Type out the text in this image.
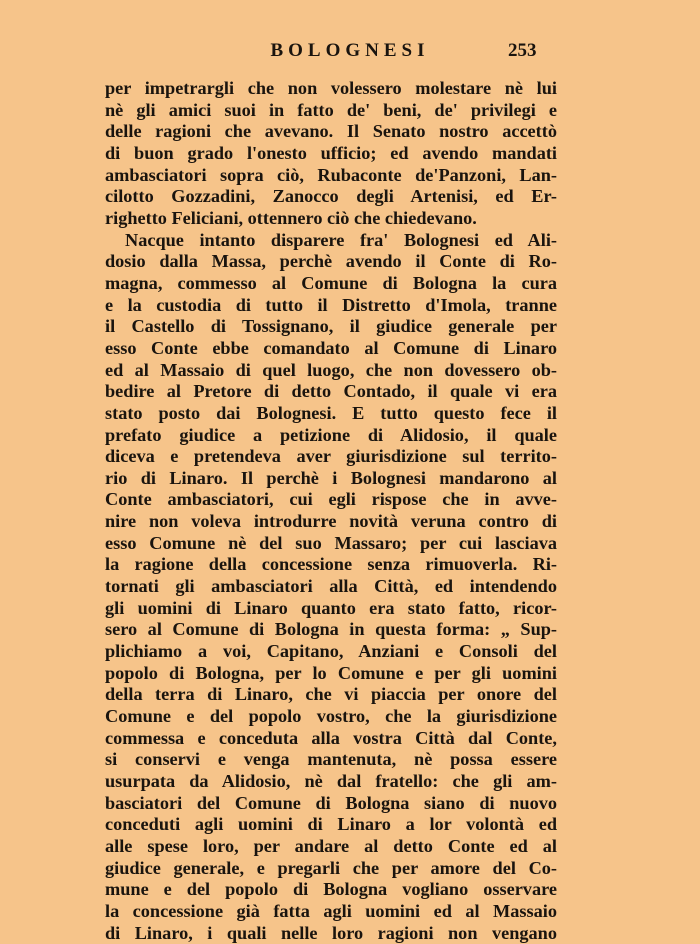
BOLOGNESI	253
per impetrargli che non volessero molestare nè lui
nè gli amici suoi in fatto de' beni, de' privilegi e
delle ragioni che avevano. Il Senato nostro accettò
di buon grado l'onesto ufficio; ed avendo mandati
ambasciatori sopra ciò, Rubaconte de'Panzoni, Lan-
cilotto Gozzadini, Zanocco degli Artenisi, ed Er-
righetto Feliciani, ottennero ciò che chiedevano.
Nacque intanto disparere fra' Bolognesi ed Ali-
dosio dalla Massa, perchè avendo il Conte di Ro-
magna, commesso al Comune di Bologna la cura
e la custodia di tutto il Distretto d'Imola, tranne
il Castello di Tossignano, il giudice generale per
esso Conte ebbe comandato al Comune di Linaro
ed al Massaio di quel luogo, che non dovessero ob-
bedire al Pretore di detto Contado, il quale vi era
stato posto dai Bolognesi. E tutto questo fece il
prefato giudice a petizione di Alidosio, il quale
diceva e pretendeva aver giurisdizione sul territo-
rio di Linaro. Il perchè i Bolognesi mandarono al
Conte ambasciatori, cui egli rispose che in avve-
nire non voleva introdurre novità veruna contro di
esso Comune nè del suo Massaro; per cui lasciava
la ragione della concessione senza rimuoverla. Ri-
tornati gli ambasciatori alla Città, ed intendendo
gli uomini di Linaro quanto era stato fatto, ricor-
sero al Comune di Bologna in questa forma: „ Sup-
plichiamo a voi, Capitano, Anziani e Consoli del
popolo di Bologna, per lo Comune e per gli uomini
della terra di Linaro, che vi piaccia per onore del
Comune e del popolo vostro, che la giurisdizione
commessa e conceduta alla vostra Città dal Conte,
si conservi e venga mantenuta, nè possa essere
usurpata da Alidosio, nè dal fratello: che gli am-
basciatori del Comune di Bologna siano di nuovo
conceduti agli uomini di Linaro a lor volontà ed
alle spese loro, per andare al detto Conte ed al
giudice generale, e pregarli che per amore del Co-
mune e del popolo di Bologna vogliano osservare
la concessione già fatta agli uomini ed al Massaio
di Linaro, i quali nelle loro ragioni non vengano
